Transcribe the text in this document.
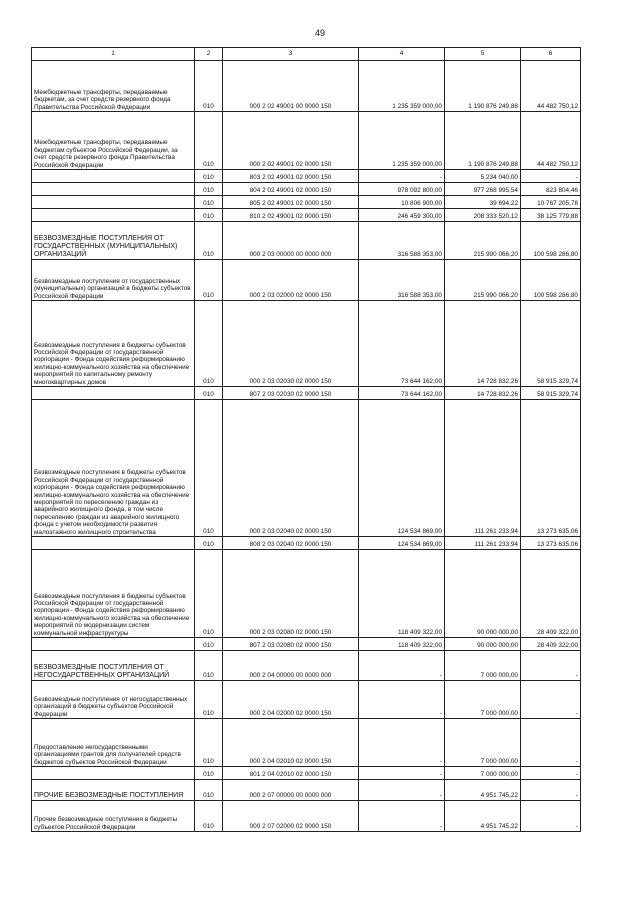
49
1	2	3	4	5	6

Межбюджетные трансферты, передаваемые бюджетам, за счет средств резервного фонда Правительства Российской Федерации	010	000 2 02 49001 00 0000 150	1 235 359 000,00	1 190 876 249,88	44 482 750,12

Межбюджетные трансферты, передаваемые бюджетам субъектов Российской Федерации, за счет средств резервного фонда Правительства Российской Федерации	010	000 2 02 49001 02 0000 150	1 235 359 000,00	1 190 876 249,88	44 482 750,12
	010	803 2 02 49001 02 0000 150	-	5 234 040,00	-
	010	804 2 02 49001 02 0000 150	978 092 800,00	977 268 995,54	823 804,46
	010	805 2 02 49001 02 0000 150	10 806 900,00	39 694,22	10 767 205,78
	010	810 2 02 49001 02 0000 150	246 459 300,00	208 333 520,12	38 125 779,88

БЕЗВОЗМЕЗДНЫЕ ПОСТУПЛЕНИЯ ОТ ГОСУДАРСТВЕННЫХ (МУНИЦИПАЛЬНЫХ) ОРГАНИЗАЦИЙ	010	000 2 03 00000 00 0000 000	316 588 353,00	215 990 066,20	100 598 286,80

Безвозмездные поступления от государственных (муниципальных) организаций в бюджеты субъектов Российской Федерации	010	000 2 03 02000 02 0000 150	316 588 353,00	215 990 066,20	100 598 286,80

Безвозмездные поступления в бюджеты субъектов Российской Федерации от государственной корпорации - Фонда содействия реформированию жилищно-коммунального хозяйства на обеспечение мероприятий по капитальному ремонту многоквартирных домов	010	000 2 03 02030 02 0000 150	73 644 162,00	14 728 832,26	58 915 329,74
	010	807 2 03 02030 02 0000 150	73 644 162,00	14 728 832,26	58 915 329,74

Безвозмездные поступления в бюджеты субъектов Российской Федерации от государственной корпорации - Фонда содействия реформированию жилищно-коммунального хозяйства на обеспечение мероприятий по переселению граждан из аварийного жилищного фонда, в том числе переселению граждан из аварийного жилищного фонда с учетом необходимости развития малоэтажного жилищного строительства	010	000 2 03 02040 02 0000 150	124 534 869,00	111 261 233,94	13 273 635,06
	010	808 2 03 02040 02 0000 150	124 534 869,00	111 261 233,94	13 273 635,06

Безвозмездные поступления в бюджеты субъектов Российской Федерации от государственной корпорации - Фонда содействия реформированию жилищно-коммунального хозяйства на обеспечение мероприятий по модернизации систем коммунальной инфраструктуры	010	000 2 03 02080 02 0000 150	118 409 322,00	90 000 000,00	28 409 322,00
	010	807 2 03 02080 02 0000 150	118 409 322,00	90 000 000,00	28 409 322,00

БЕЗВОЗМЕЗДНЫЕ ПОСТУПЛЕНИЯ ОТ НЕГОСУДАРСТВЕННЫХ ОРГАНИЗАЦИЙ	010	000 2 04 00000 00 0000 000	-	7 000 000,00	-

Безвозмездные поступления от негосударственных организаций в бюджеты субъектов Российской Федерации	010	000 2 04 02000 02 0000 150	-	7 000 000,00	-

Предоставление негосударственными организациями грантов для получателей средств бюджетов субъектов Российской Федерации	010	000 2 04 02010 02 0000 150	-	7 000 000,00	-
	010	801 2 04 02010 02 0000 150	-	7 000 000,00	-

ПРОЧИЕ БЕЗВОЗМЕЗДНЫЕ ПОСТУПЛЕНИЯ	010	000 2 07 00000 00 0000 000	-	4 951 745,22	-

Прочие безвозмездные поступления в бюджеты субъектов Российской Федерации	010	000 2 07 02000 02 0000 150	-	4 951 745,22	-
